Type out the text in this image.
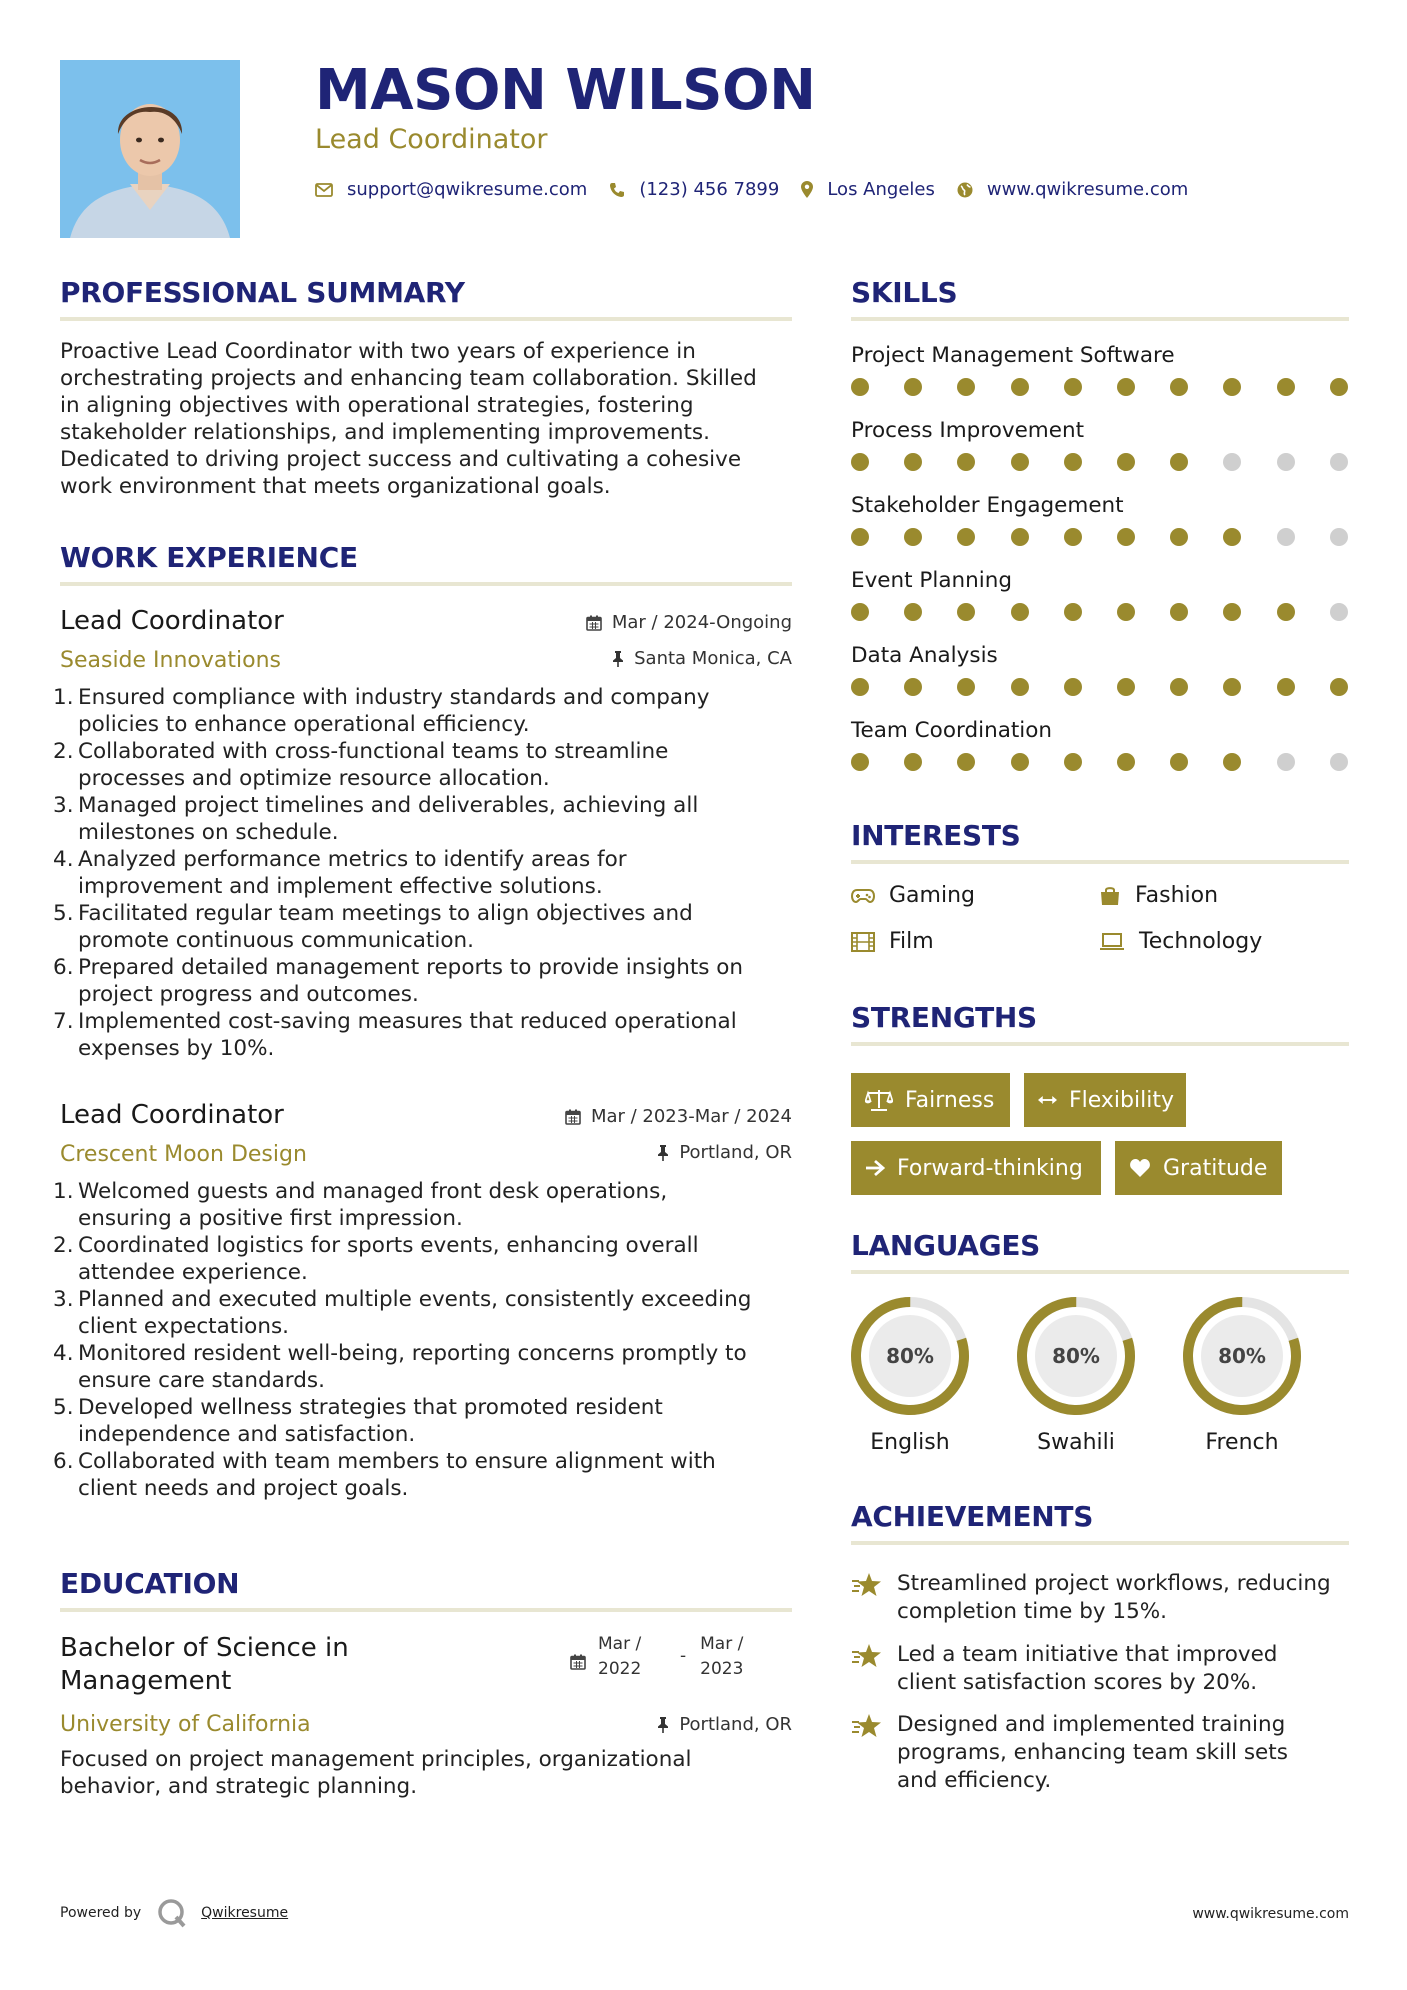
MASON WILSON
Lead Coordinator
support@qwikresume.com	(123) 456 7899	Los Angeles	www.qwikresume.com
PROFESSIONAL SUMMARY
Proactive Lead Coordinator with two years of experience in
orchestrating projects and enhancing team collaboration. Skilled
in aligning objectives with operational strategies, fostering
stakeholder relationships, and implementing improvements.
Dedicated to driving project success and cultivating a cohesive
work environment that meets organizational goals.
WORK EXPERIENCE
Lead Coordinator
Seaside Innovations
Mar / 2024-Ongoing
Santa Monica, CA
Ensured compliance with industry standards and company
policies to enhance operational efficiency.
Collaborated with cross-functional teams to streamline
processes and optimize resource allocation.
Managed project timelines and deliverables, achieving all
milestones on schedule.
Analyzed performance metrics to identify areas for
improvement and implement effective solutions.
Facilitated regular team meetings to align objectives and
promote continuous communication.
Prepared detailed management reports to provide insights on
project progress and outcomes.
Implemented cost-saving measures that reduced operational
expenses by 10%.
Lead Coordinator
Crescent Moon Design
Mar / 2023-Mar / 2024
Portland, OR
Welcomed guests and managed front desk operations,
ensuring a positive first impression.
Coordinated logistics for sports events, enhancing overall
attendee experience.
Planned and executed multiple events, consistently exceeding
client expectations.
Monitored resident well-being, reporting concerns promptly to
ensure care standards.
Developed wellness strategies that promoted resident
independence and satisfaction.
Collaborated with team members to ensure alignment with
client needs and project goals.
EDUCATION
Bachelor of Science in
Management
Mar /
2022
-
Mar /
2023
University of California	Portland, OR
Focused on project management principles, organizational
behavior, and strategic planning.
SKILLS
Project Management Software
Process Improvement
Stakeholder Engagement
Event Planning
Data Analysis
Team Coordination
INTERESTS
Gaming	Fashion
Film	Technology
STRENGTHS
Fairness	Flexibility
Forward-thinking	Gratitude
LANGUAGES
80%
English
80%
Swahili
80%
French
ACHIEVEMENTS
Streamlined project workflows, reducing
completion time by 15%.
Led a team initiative that improved
client satisfaction scores by 20%.
Designed and implemented training
programs, enhancing team skill sets
and efficiency.
Powered by	Qwikresume	www.qwikresume.com
